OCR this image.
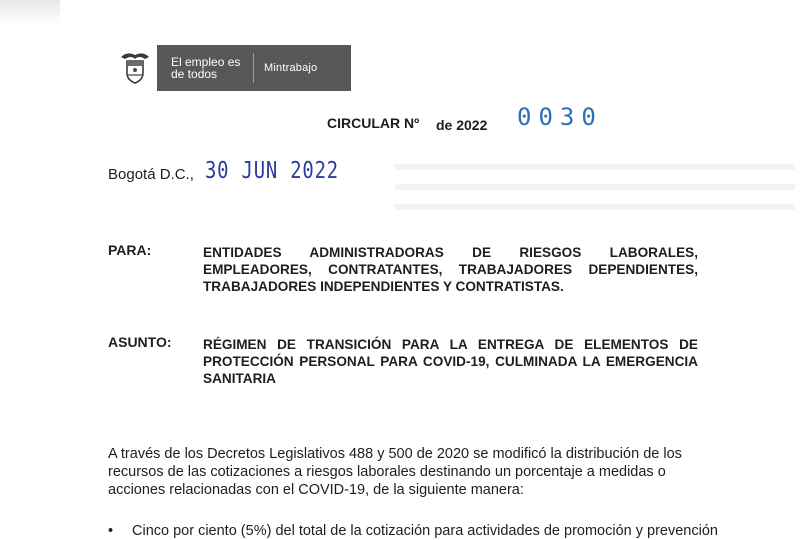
El empleo es de todos	Mintrabajo
CIRCULAR Nº de 2022 0030
Bogotá D.C., 30 JUN 2022
PARA:	ENTIDADES ADMINISTRADORAS DE RIESGOS LABORALES, EMPLEADORES, CONTRATANTES, TRABAJADORES DEPENDIENTES, TRABAJADORES INDEPENDIENTES Y CONTRATISTAS.
ASUNTO: RÉGIMEN DE TRANSICIÓN PARA LA ENTREGA DE ELEMENTOS DE PROTECCIÓN PERSONAL PARA COVID-19, CULMINADA LA EMERGENCIA SANITARIA
A través de los Decretos Legislativos 488 y 500 de 2020 se modificó la distribución de los recursos de las cotizaciones a riesgos laborales destinando un porcentaje a medidas o acciones relacionadas con el COVID-19, de la siguiente manera:
•	Cinco por ciento (5%) del total de la cotización para actividades de promoción y prevención
